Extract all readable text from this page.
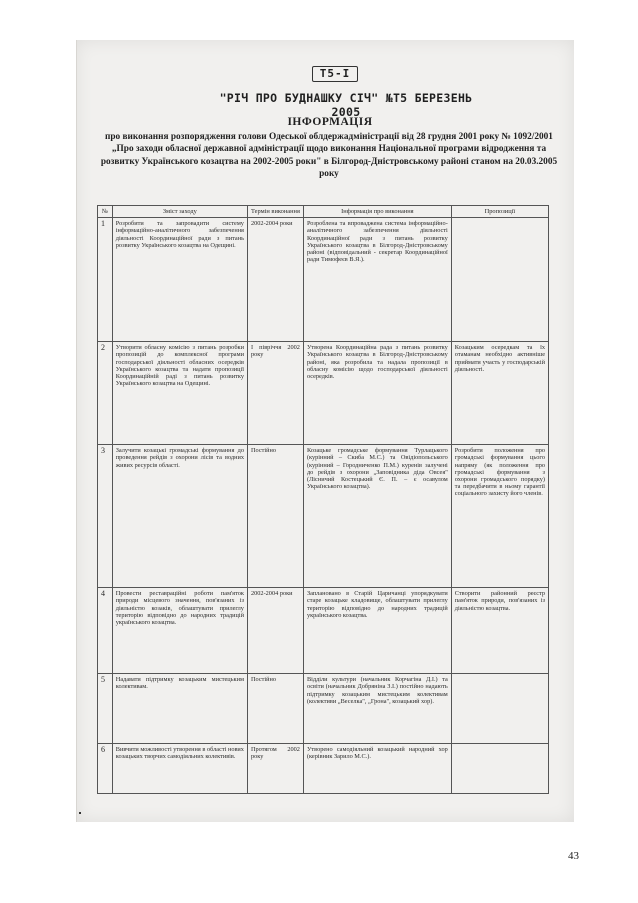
Т5-I
"РІЧ ПРО БУДНАШКУ СІЧ" №Т5 БЕРЕЗЕНЬ 2005
ІНФОРМАЦІЯ
про виконання розпорядження голови Одеської облдержадміністрації від 28 грудня 2001 року № 1092/2001 „Про заходи обласної державної адміністрації щодо виконання Національної програми відродження та розвитку Українського козацтва на 2002-2005 роки" в Білгород-Дністровському районі станом на 20.03.2005 року
№	Зміст заходу	Термін виконання	Інформація про виконання	Пропозиції
1	Розробити та запровадити систему інформаційно-аналітичного забезпечення діяльності Координаційної ради з питань розвитку Українського козацтва на Одещині.	2002-2004 роки	Розроблена та впроваджена система інформаційно-аналітичного забезпечення діяльності Координаційної ради з питань розвитку Українського козацтва в Білгород-Дністровському районі (відповідальний - секретар Координаційної ради Тимофеєв В.Я.).	
2	Утворити обласну комісію з питань розробки пропозицій до комплексної програми господарської діяльності обласних осередків Українського козацтва та надати пропозиції Координаційній раді з питань розвитку Українського козацтва на Одещині.	І півріччя 2002 року	Утворена Координаційна рада з питань розвитку Українського козацтва в Білгород-Дністровському районі, яка розробила та надала пропозиції в обласну комісію щодо господарської діяльності осередків.	Козацьким осередкам та їх отаманам необхідно активніше приймати участь у господарській діяльності.
3	Залучити козацькі громадські формування до проведення рейдів з охорони лісів та водних живих ресурсів області.	Постійно	Козацьке громадське формування Турлацького (курінний – Скиба М.С.) та Овідіопольського (курінний – Городниченко П.М.) куренів залучені до рейдів з охорони „Заповідника діда Овсея" (Лісничий Костецький Є. П. – є осавулом Українського козацтва).	Розробити положення про громадські формування цього напряму (як положення про громадські формування з охорони громадського порядку) та передбачити в ньому гарантії соціального захисту його членів.
4	Провести реставраційні роботи пам'яток природи місцевого значення, пов'язаних із діяльністю козаків, облаштувати прилеглу територію відповідно до народних традицій українського козацтва.	2002-2004 роки	Заплановано в Старій Царичанці упорядкувати старе козацьке кладовище, облаштувати прилеглу територію відповідно до народних традицій українського козацтва.	Створити районний реєстр пам'яток природи, пов'язаних із діяльністю козацтва.
5	Надавати підтримку козацьким мистецьким колективам.	Постійно	Відділи культури (начальник Корчагіна Д.І.) та освіти (начальник Добряніна З.І.) постійно надають підтримку козацьким мистецьким колективам (колективи „Веселка", „Грона", козацький хор).	
6	Вивчити можливості утворення в області нових козацьких творчих самодіяльних колективів.	Протягом 2002 року	Утворено самодіяльний козацький народний хор (керівник Зарило М.С.).	
43
